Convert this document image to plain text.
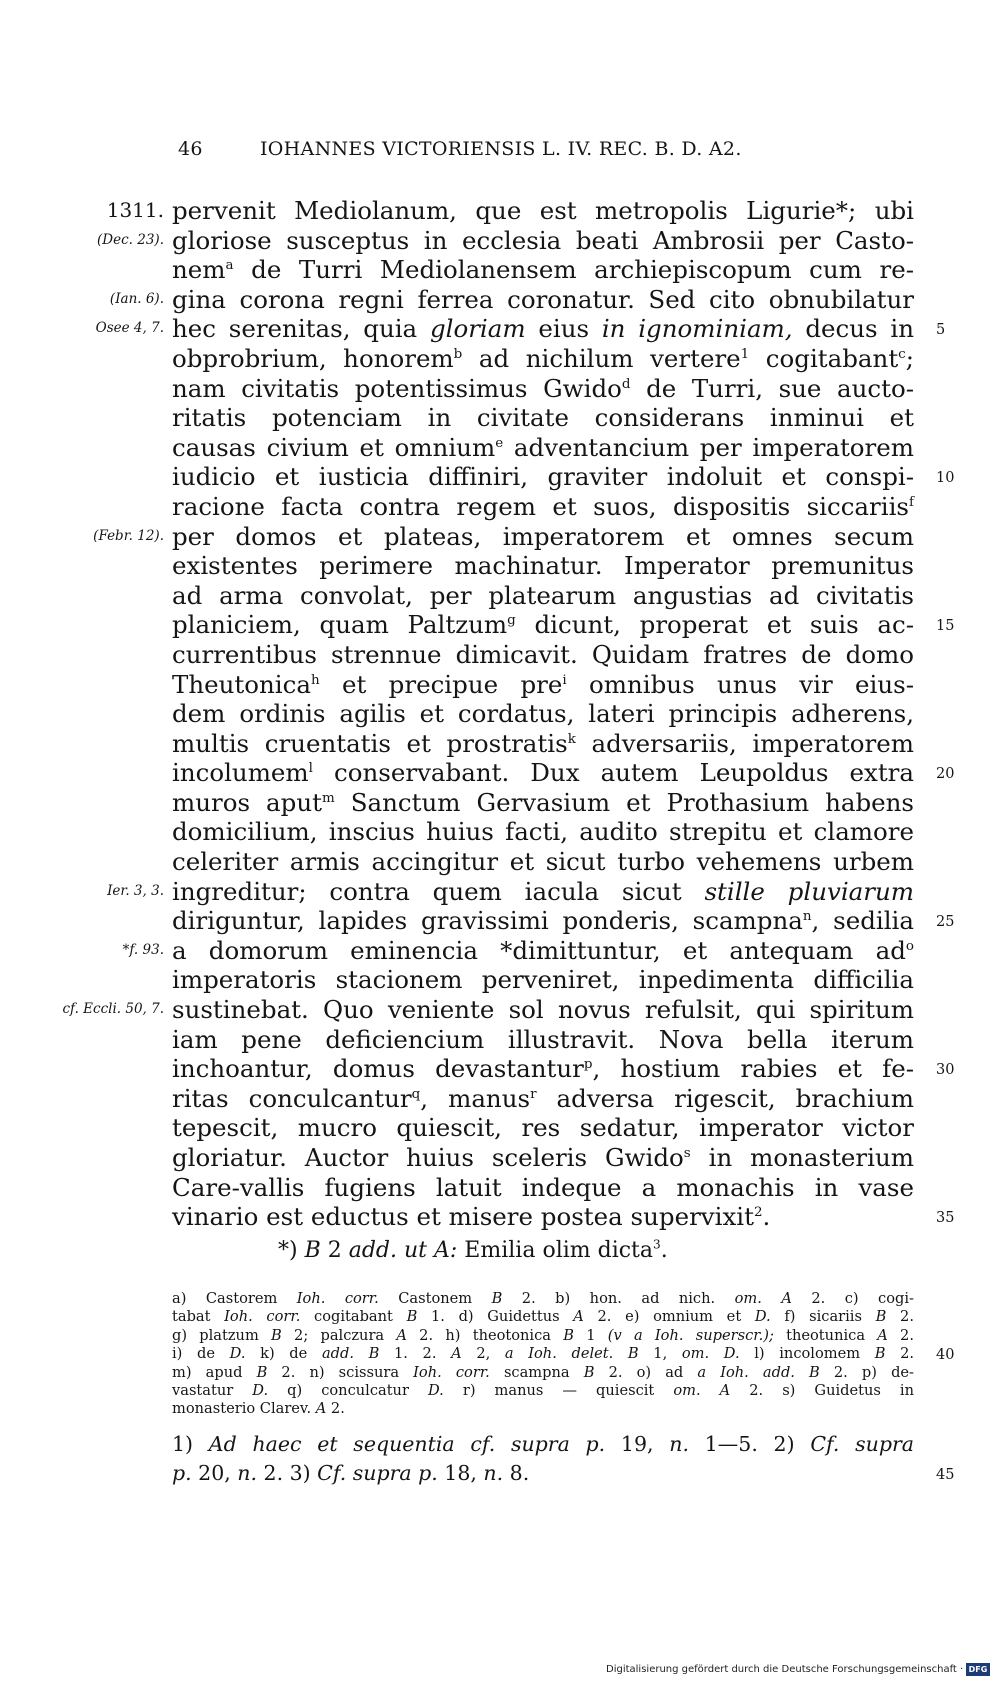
46	IOHANNES VICTORIENSIS L. IV. REC. B. D. A2.
pervenit Mediolanum, que est metropolis Ligurie*; ubi
1311.
gloriose susceptus in ecclesia beati Ambrosii per Casto-
(Dec. 23).
nem$^a$ de Turri Mediolanensem archiepiscopum cum re-
gina corona regni ferrea coronatur. Sed cito obnubilatur
(Ian. 6).
hec serenitas, quia gloriam eius in ignominiam, decus in
Osee 4, 7.	5
obprobrium, honorem$^b$ ad nichilum vertere$^1$ cogitabant$^c$;
nam civitatis potentissimus Gwido$^d$ de Turri, sue aucto-
ritatis potenciam in civitate considerans inminui et
causas civium et omnium$^e$ adventancium per imperatorem
iudicio et iusticia diffiniri, graviter indoluit et conspi- 10
racione facta contra regem et suos, dispositis siccariis$^f$
per domos et plateas, imperatorem et omnes secum
(Febr. 12).
existentes perimere machinatur. Imperator premunitus
ad arma convolat, per platearum angustias ad civitatis
planiciem, quam Paltzum$^g$ dicunt, properat et suis ac- 15
currentibus strennue dimicavit. Quidam fratres de domo
Theutonica$^h$ et precipue pre$^i$ omnibus unus vir eius-
dem ordinis agilis et cordatus, lateri principis adherens,
multis cruentatis et prostratis$^k$ adversariis, imperatorem
incolumem$^l$ conservabant. Dux autem Leupoldus extra 20
muros aput$^m$ Sanctum Gervasium et Prothasium habens
domicilium, inscius huius facti, audito strepitu et clamore
celeriter armis accingitur et sicut turbo vehemens urbem
ingreditur; contra quem iacula sicut stille pluviarum
Ier. 3, 3.
diriguntur, lapides gravissimi ponderis, scampna$^n$, sedilia 25
a domorum eminencia *dimittuntur, et antequam $ad^o$
*f. 93.
imperatoris stacionem perveniret, inpedimenta difficilia
sustinebat. Quo veniente sol novus refulsit, qui spiritum
cf. Eccli. 50, 7.
iam pene deficiencium illustravit. Nova bella iterum
inchoantur, domus devastantur$^p$, hostium rabies et fe- 30
ritas conculcantur$^q$, manus$^r$ adversa rigescit, brachium
tepescit, mucro quiescit, res sedatur, imperator victor
gloriatur. Auctor huius sceleris Gwido$^s$ in monasterium
Care-vallis fugiens latuit indeque a monachis in vase
vinario est eductus et misere postea supervixit$^2$.	35
*) B 2 add. ut A: Emilia olim dicta$^3$.
a) Castorem Ioh. corr. Castonem B 2. b) hon. ad nich. om. A 2. c) cogi-
tabat Ioh. corr. cogitabant B 1. d) Guidettus A 2. e) omnium et D. f) sicariis B 2.
g) platzum B 2; palczura A 2. h) theotonica B 1 (v a Ioh. superscr.); theotunica A 2.
i) de D. k) de add. B 1. 2. A 2, a Ioh. delet. B 1, om. D. l) incolomem B 2. 40
m) apud B 2. n) scissura Ioh. corr. scampna B 2. o) ad a Ioh. add. B 2. p) de-
vastatur D. q) conculcatur D. r) manus — quiescit om. A 2. s) Guidetus in
monasterio Clarev. A 2.
1) Ad haec et sequentia cf. supra p. 19, n. 1—5. 2) Cf. supra
p. 20, n. 2. 3) Cf. supra p. 18, n. 8.	45
Digitalisierung gefördert durch die Deutsche Forschungsgemeinschaft · DFG
